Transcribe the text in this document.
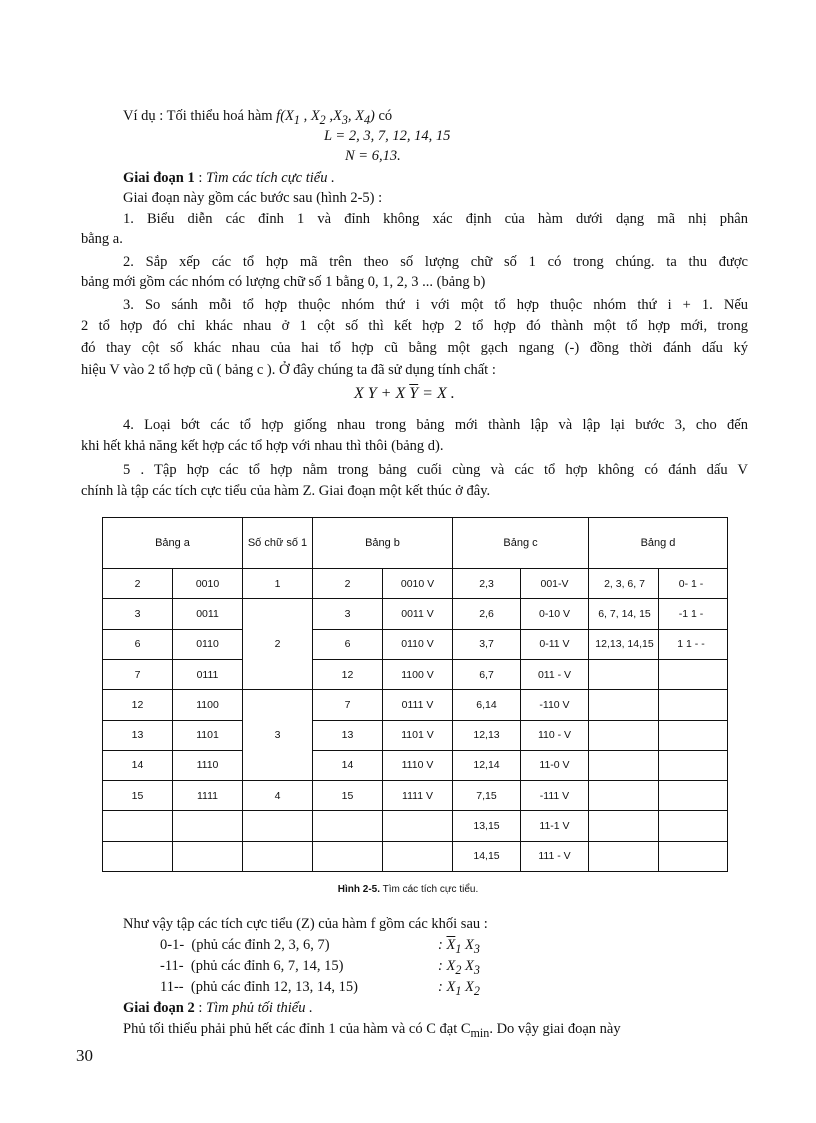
Ví dụ : Tối thiểu hoá hàm $f(X_1$ , $X_2$ $,X_3$, $X_4$) có
L = 2, 3, 7, 12, 14, 15
N = 6,13.
Giai đoạn 1 : Tìm các tích cực tiểu .
Giai đoạn này gồm các bước sau (hình 2-5) :
1. Biểu diễn các đỉnh 1 và đỉnh không xác định của hàm dưới dạng mã nhị phân
bằng a.
2. Sắp xếp các tổ hợp mã trên theo số lượng chữ số 1 có trong chúng. ta thu được
bảng mới gồm các nhóm có lượng chữ số 1 bằng 0, 1, 2, 3 ... (bảng b)
3. So sánh mỗi tổ hợp thuộc nhóm thứ i với một tổ hợp thuộc nhóm thứ i + 1. Nếu
2 tổ hợp đó chỉ khác nhau ở 1 cột số thì kết hợp 2 tổ hợp đó thành một tổ hợp mới, trong
đó thay cột số khác nhau của hai tổ hợp cũ bằng một gạch ngang (-) đồng thời đánh dấu ký
hiệu V vào 2 tổ hợp cũ ( bảng c ). Ở đây chúng ta đã sử dụng tính chất :
X Y + X $\overline{Y} = X$ .
4. Loại bớt các tổ hợp giống nhau trong bảng mới thành lập và lập lại bước 3, cho đến
khi hết khả năng kết hợp các tổ hợp với nhau thì thôi (bảng d).
5 . Tập hợp các tổ hợp nằm trong bảng cuối cùng và các tổ hợp không có đánh dấu V
chính là tập các tích cực tiểu của hàm Z. Giai đoạn một kết thúc ở đây.
Bảng a		Số chữ số 1	Bảng b		Bảng c		Bảng d	
2	0010	1	2	0010 V	2,3	001-V	2, 3, 6, 7	0- 1 -
3	0011	2	3	0011 V	2,6	0-10 V	6, 7, 14, 15	-1 1 -
6	0110		6	0110 V	3,7	0-11 V	12,13, 14,15	1 1 - -
7	0111		12	1100 V	6,7	011 - V		
12	1100	3	7	0111 V	6,14	-110 V		
13	1101		13	1101 V	12,13	110 - V		
14	1110		14	1110 V	12,14	11-0 V		
15	1111	4	15	1111 V	7,15	-111 V		
					13,15	11-1 V		
					14,15	111 - V		
Hình 2-5. Tìm các tích cực tiểu.
Như vậy tập các tích cực tiểu (Z) của hàm f gồm các khối sau :
0-1- (phủ các đỉnh 2, 3, 6, 7)	: $\overline{X}_1$ $X_3$
-11- (phủ các đỉnh 6, 7, 14, 15)	: $X_2$ $X_3$
11-- (phủ các đỉnh 12, 13, 14, 15)	: $X_1$ $X_2$
Giai đoạn 2 : Tìm phủ tối thiểu .
Phủ tối thiểu phải phủ hết các đỉnh 1 của hàm và có C đạt $C_{min}$. Do vậy giai đoạn này
30
